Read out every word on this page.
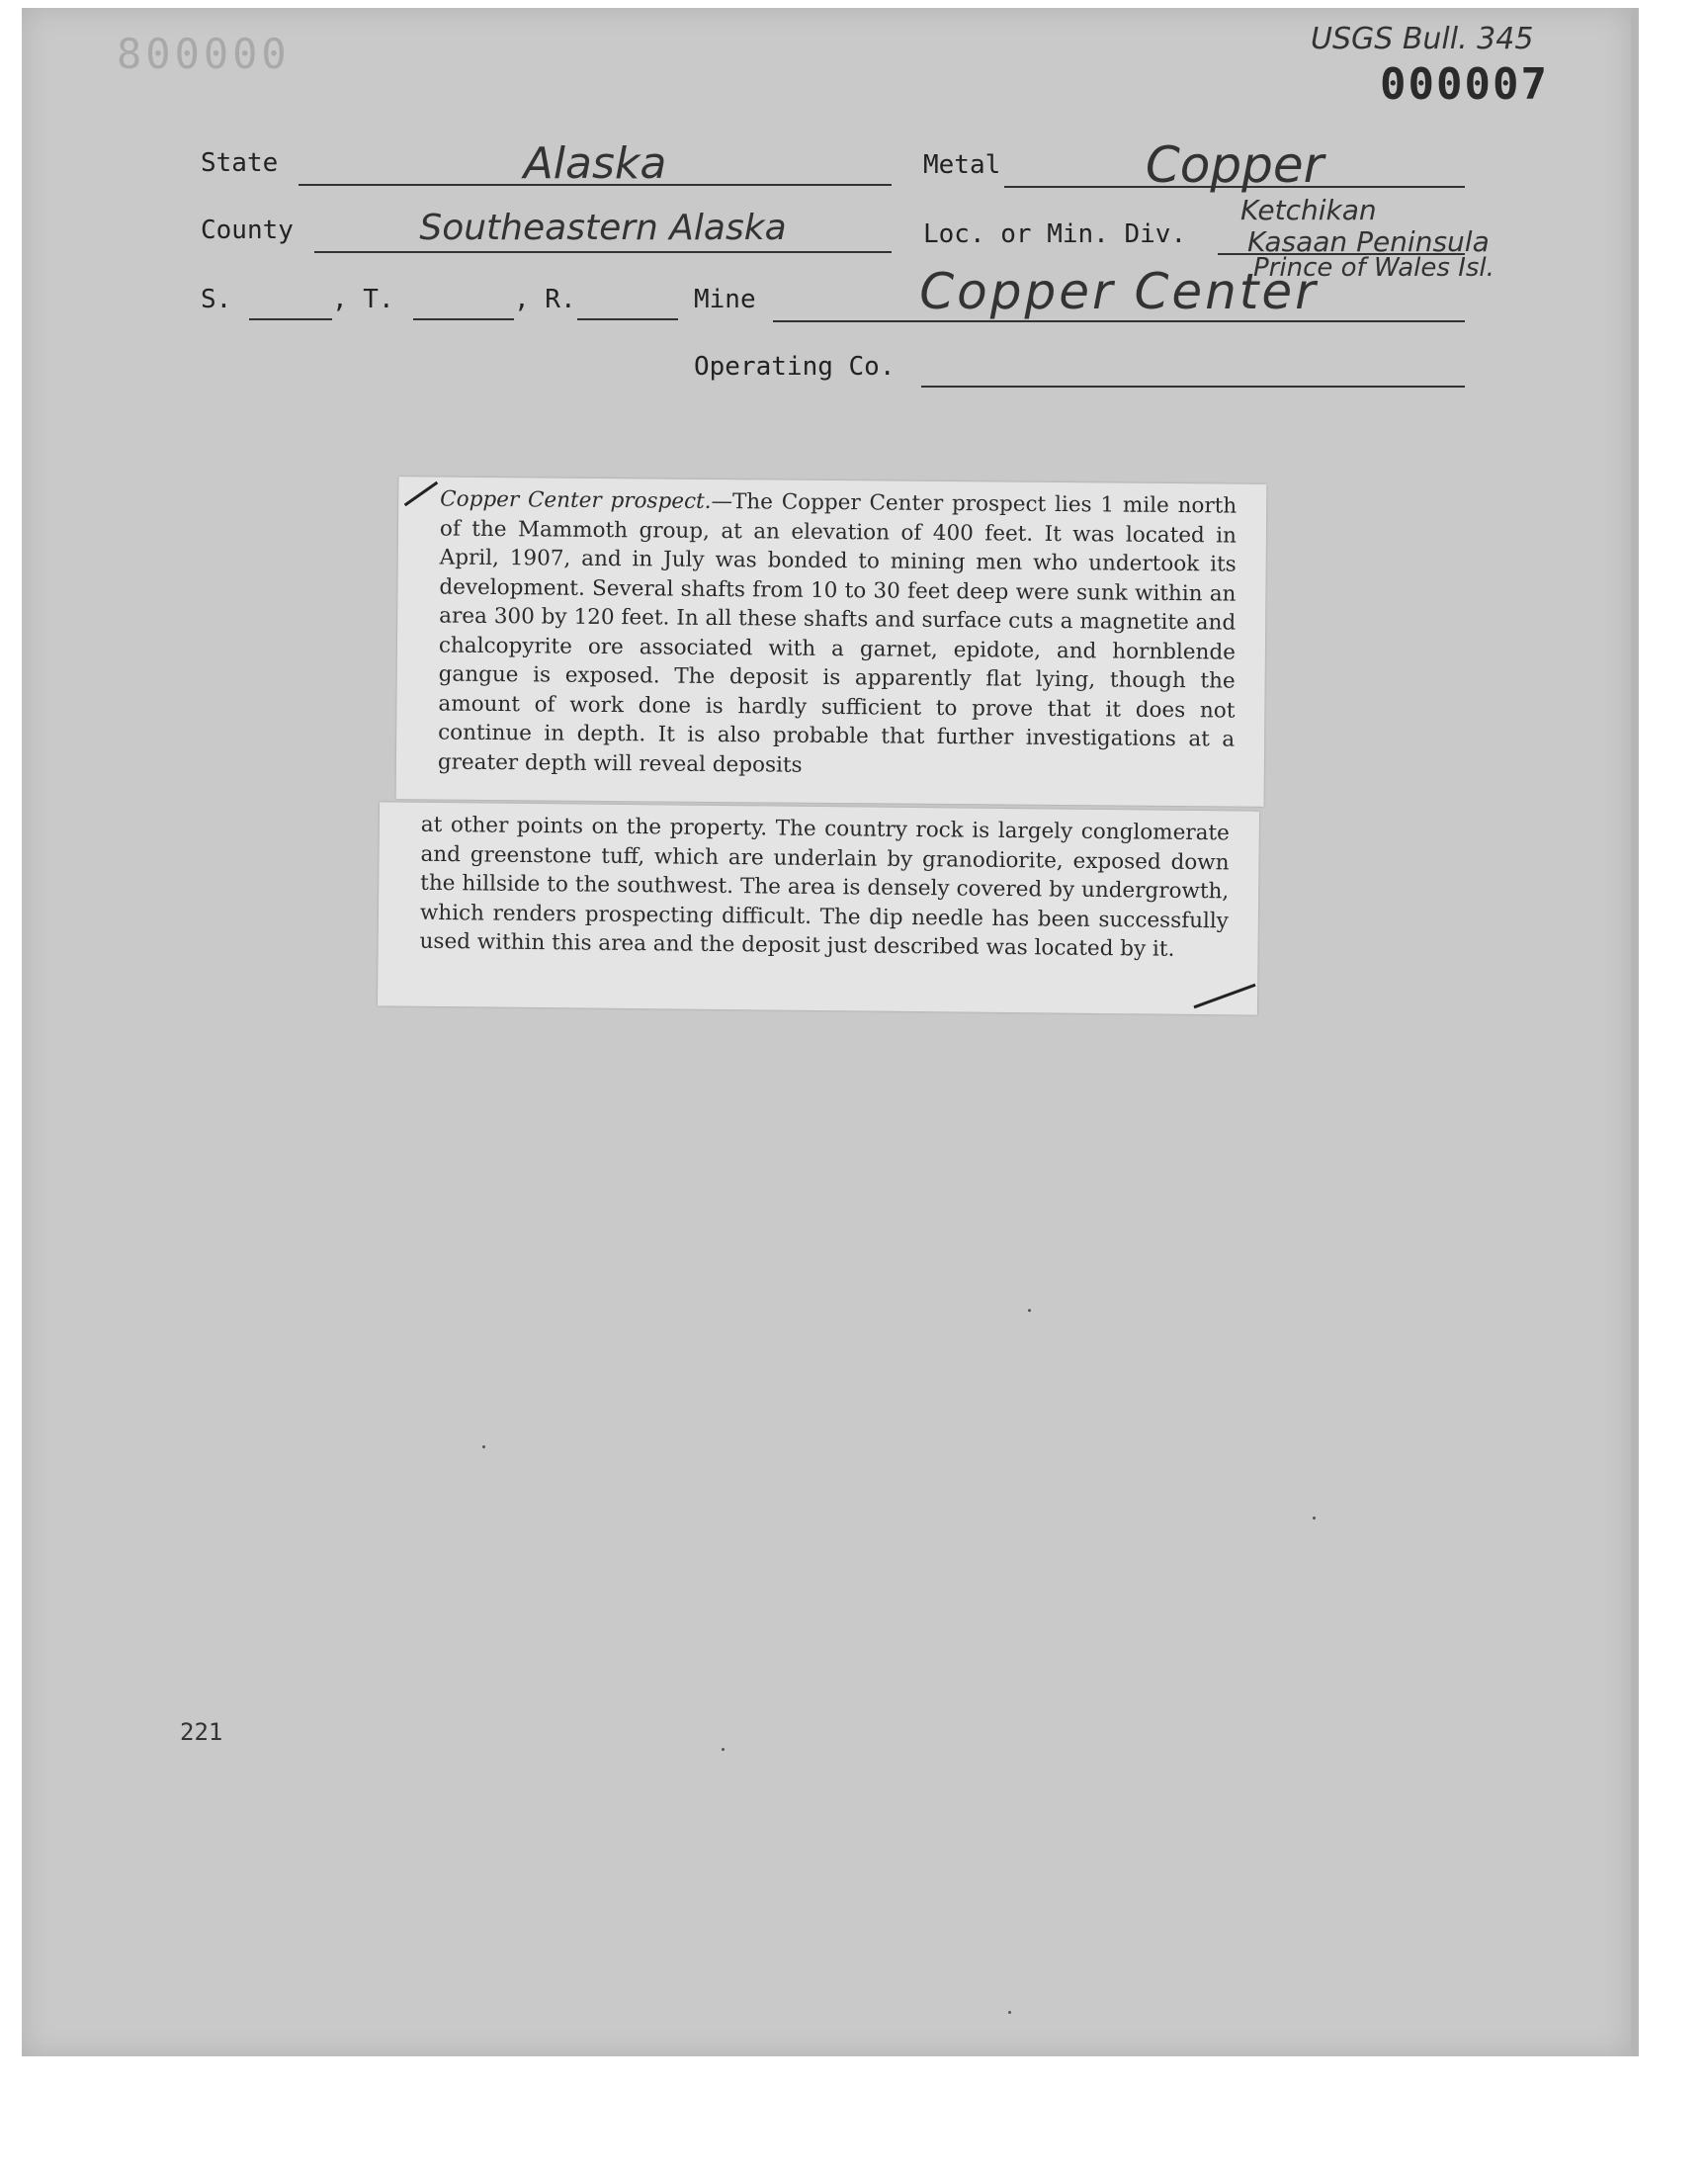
800000
000007
USGS Bull. 345
State	Alaska	Metal	Copper
County	Southeastern Alaska	Loc. or Min. Div.
Ketchikan
Kasaan Peninsula
Prince of Wales Isl.
S.	, T.	, R.	Mine	Copper Center
Operating Co.

Copper Center prospect.—The Copper Center prospect lies 1 mile north of the Mammoth group, at an elevation of 400 feet. It was located in April, 1907, and in July was bonded to mining men who undertook its development. Several shafts from 10 to 30 feet deep were sunk within an area 300 by 120 feet. In all these shafts and surface cuts a magnetite and chalcopyrite ore associated with a garnet, epidote, and hornblende gangue is exposed. The deposit is apparently flat lying, though the amount of work done is hardly sufficient to prove that it does not continue in depth. It is also probable that further investigations at a greater depth will reveal deposits

at other points on the property. The country rock is largely conglomerate and greenstone tuff, which are underlain by granodiorite, exposed down the hillside to the southwest. The area is densely covered by undergrowth, which renders prospecting difficult. The dip needle has been successfully used within this area and the deposit just described was located by it.

221
